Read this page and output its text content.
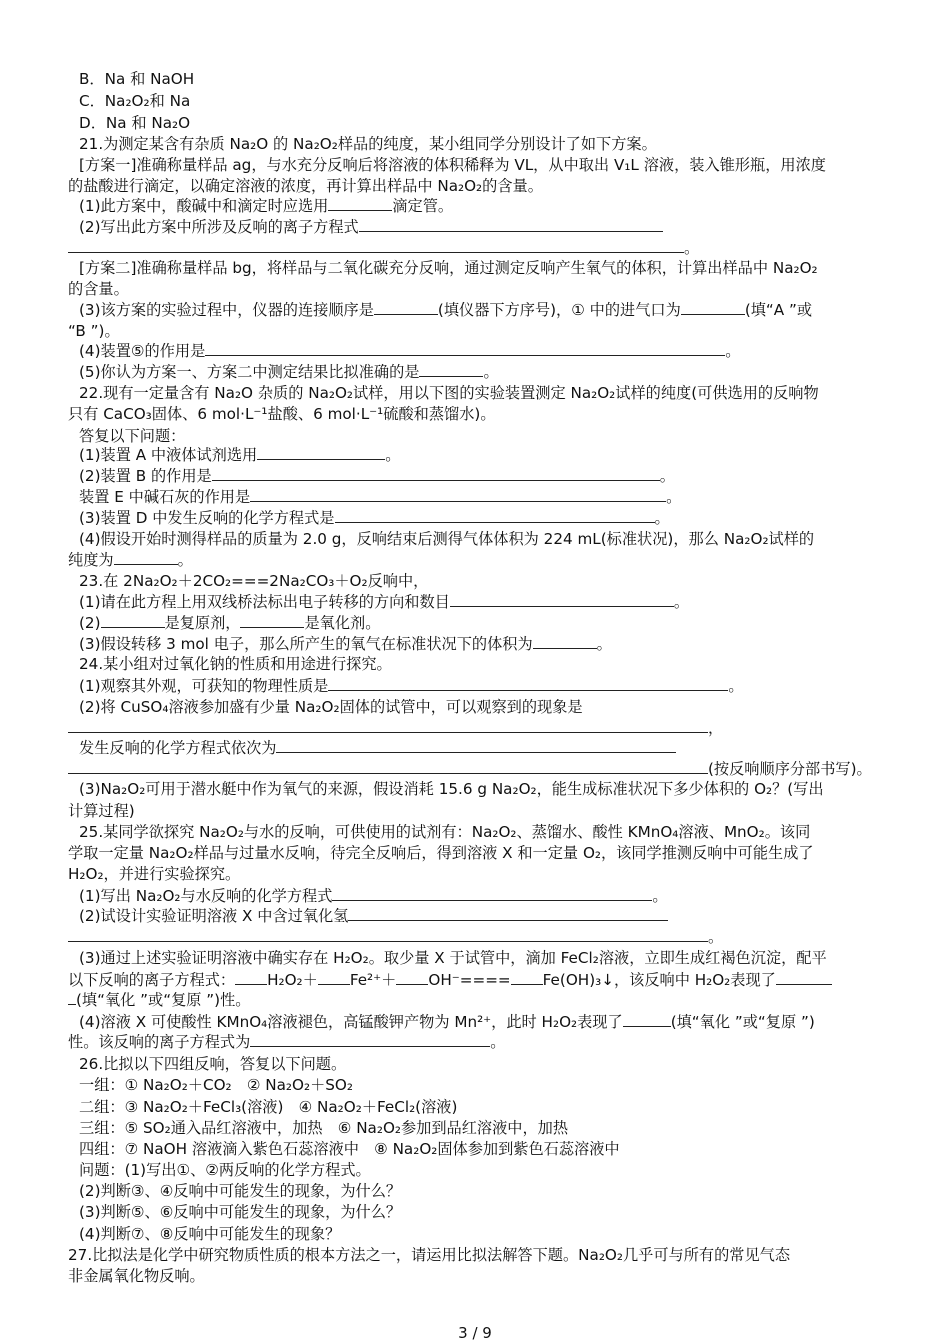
B．Na 和 NaOH
C．Na₂O₂和 Na
D．Na 和 Na₂O
21.为测定某含有杂质 Na₂O 的 Na₂O₂样品的纯度，某小组同学分别设计了如下方案。
[方案一]准确称量样品 ag，与水充分反响后将溶液的体积稀释为 VL，从中取出 V₁L 溶液，装入锥形瓶，用浓度
的盐酸进行滴定，以确定溶液的浓度，再计算出样品中 Na₂O₂的含量。
(1)此方案中，酸碱中和滴定时应选用	滴定管。
(2)写出此方案中所涉及反响的离子方程式
。
[方案二]准确称量样品 bg，将样品与二氧化碳充分反响，通过测定反响产生氧气的体积，计算出样品中 Na₂O₂
的含量。
(3)该方案的实验过程中，仪器的连接顺序是	(填仪器下方序号)，① 中的进气口为	(填“A ”或
“B ”)。
(4)装置⑤的作用是	。
(5)你认为方案一、方案二中测定结果比拟准确的是	。
22.现有一定量含有 Na₂O 杂质的 Na₂O₂试样，用以下图的实验装置测定 Na₂O₂试样的纯度(可供选用的反响物
只有 CaCO₃固体、6 mol·L⁻¹盐酸、6 mol·L⁻¹硫酸和蒸馏水)。
答复以下问题：
(1)装置 A 中液体试剂选用	。
(2)装置 B 的作用是	。
装置 E 中碱石灰的作用是	。
(3)装置 D 中发生反响的化学方程式是	。
(4)假设开始时测得样品的质量为 2.0 g，反响结束后测得气体体积为 224 mL(标准状况)，那么 Na₂O₂试样的
纯度为	。
23.在 2Na₂O₂＋2CO₂===2Na₂CO₃＋O₂反响中，
(1)请在此方程上用双线桥法标出电子转移的方向和数目	。
(2)	是复原剂，	是氧化剂。
(3)假设转移 3 mol 电子，那么所产生的氧气在标准状况下的体积为	。
24.某小组对过氧化钠的性质和用途进行探究。
(1)观察其外观，可获知的物理性质是	。
(2)将 CuSO₄溶液参加盛有少量 Na₂O₂固体的试管中，可以观察到的现象是
，
发生反响的化学方程式依次为
(按反响顺序分部书写)。
(3)Na₂O₂可用于潜水艇中作为氧气的来源，假设消耗 15.6 g Na₂O₂，能生成标准状况下多少体积的 O₂？(写出
计算过程)
25.某同学欲探究 Na₂O₂与水的反响，可供使用的试剂有：Na₂O₂、蒸馏水、酸性 KMnO₄溶液、MnO₂。该同
学取一定量 Na₂O₂样品与过量水反响，待完全反响后，得到溶液 X 和一定量 O₂，该同学推测反响中可能生成了
H₂O₂，并进行实验探究。
(1)写出 Na₂O₂与水反响的化学方程式	。
(2)试设计实验证明溶液 X 中含过氧化氢
。
(3)通过上述实验证明溶液中确实存在 H₂O₂。取少量 X 于试管中，滴加 FeCl₂溶液，立即生成红褐色沉淀，配平
以下反响的离子方程式： H₂O₂＋ Fe²⁺＋ OH⁻==== Fe(OH)₃↓，该反响中 H₂O₂表现了
(填“氧化 ”或“复原 ”)性。
(4)溶液 X 可使酸性 KMnO₄溶液褪色，高锰酸钾产物为 Mn²⁺，此时 H₂O₂表现了	(填“氧化 ”或“复原 ”)
性。该反响的离子方程式为	。
26.比拟以下四组反响，答复以下问题。
一组：① Na₂O₂＋CO₂　② Na₂O₂＋SO₂
二组：③ Na₂O₂＋FeCl₃(溶液)　④ Na₂O₂＋FeCl₂(溶液)
三组：⑤ SO₂通入品红溶液中，加热　⑥ Na₂O₂参加到品红溶液中，加热
四组：⑦ NaOH 溶液滴入紫色石蕊溶液中　⑧ Na₂O₂固体参加到紫色石蕊溶液中
问题：(1)写出①、②两反响的化学方程式。
(2)判断③、④反响中可能发生的现象，为什么？
(3)判断⑤、⑥反响中可能发生的现象，为什么？
(4)判断⑦、⑧反响中可能发生的现象？
27.比拟法是化学中研究物质性质的根本方法之一，请运用比拟法解答下题。Na₂O₂几乎可与所有的常见气态
非金属氧化物反响。
3 / 9
